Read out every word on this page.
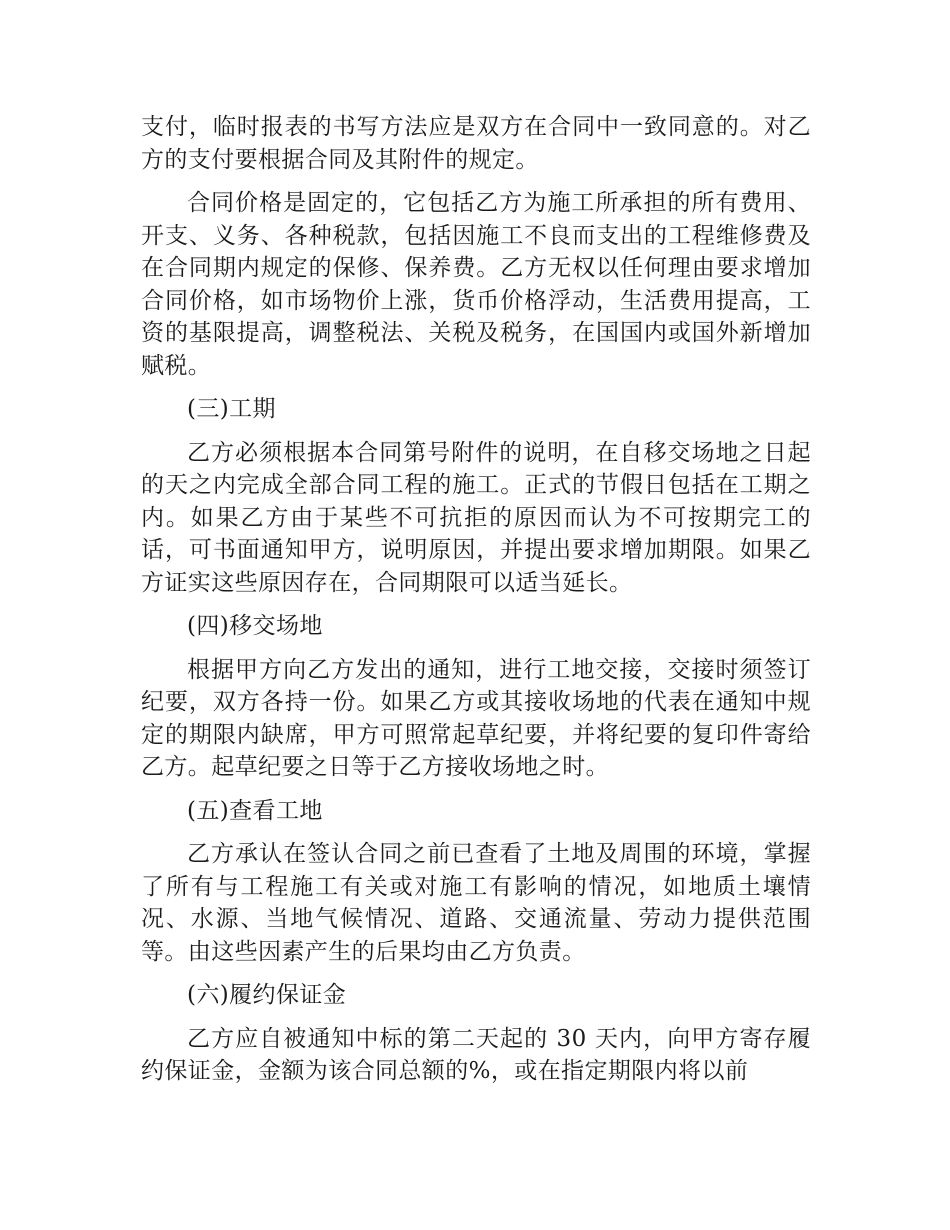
支付，临时报表的书写方法应是双方在合同中一致同意的。对乙方的支付要根据合同及其附件的规定。

合同价格是固定的，它包括乙方为施工所承担的所有费用、开支、义务、各种税款，包括因施工不良而支出的工程维修费及在合同期内规定的保修、保养费。乙方无权以任何理由要求增加合同价格，如市场物价上涨，货币价格浮动，生活费用提高，工资的基限提高，调整税法、关税及税务，在国国内或国外新增加赋税。

(三)工期

乙方必须根据本合同第号附件的说明，在自移交场地之日起的天之内完成全部合同工程的施工。正式的节假日包括在工期之内。如果乙方由于某些不可抗拒的原因而认为不可按期完工的话，可书面通知甲方，说明原因，并提出要求增加期限。如果乙方证实这些原因存在，合同期限可以适当延长。

(四)移交场地

根据甲方向乙方发出的通知，进行工地交接，交接时须签订纪要，双方各持一份。如果乙方或其接收场地的代表在通知中规定的期限内缺席，甲方可照常起草纪要，并将纪要的复印件寄给乙方。起草纪要之日等于乙方接收场地之时。

(五)查看工地

乙方承认在签认合同之前已查看了土地及周围的环境，掌握了所有与工程施工有关或对施工有影响的情况，如地质土壤情况、水源、当地气候情况、道路、交通流量、劳动力提供范围等。由这些因素产生的后果均由乙方负责。

(六)履约保证金

乙方应自被通知中标的第二天起的 30 天内，向甲方寄存履约保证金，金额为该合同总额的%，或在指定期限内将以前
